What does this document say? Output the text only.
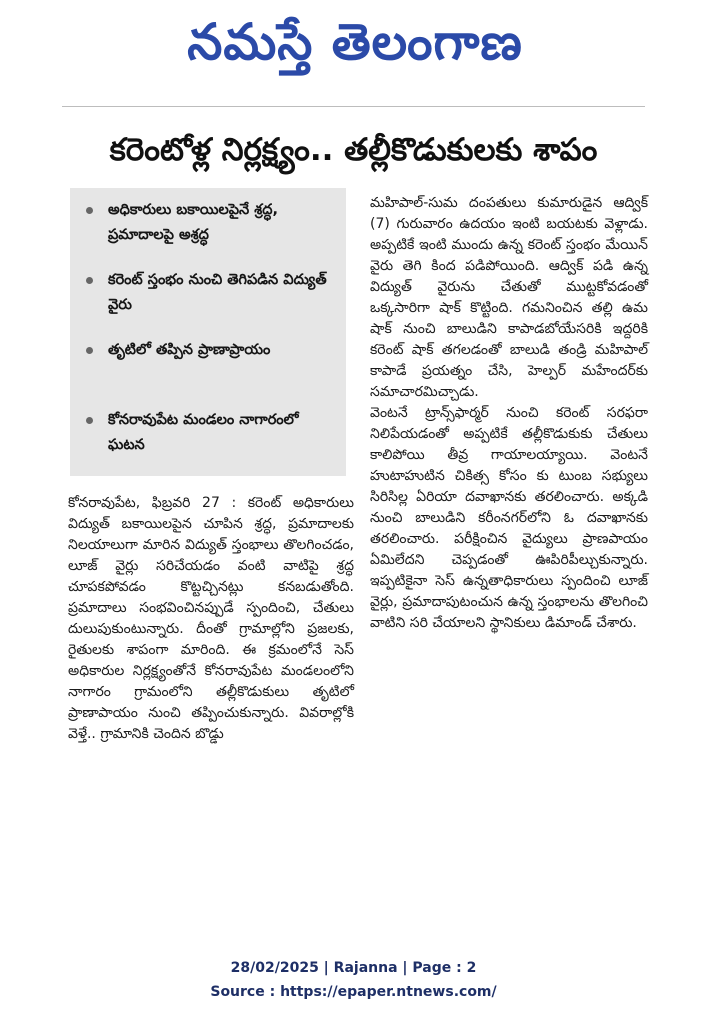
నమస్తే తెలంగాణ
కరెంటోళ్ల నిర్లక్ష్యం.. తల్లీకొడుకులకు శాపం
అధికారులు బకాయిలపైనే శ్రద్ధ, ప్రమాదాలపై అశ్రద్ధ
కరెంట్ స్తంభం నుంచి తెగిపడిన విద్యుత్ వైరు
తృటిలో తప్పిన ప్రాణాప్రాయం
కోనరావుపేట మండలం నాగారంలో ఘటన

కోనరావుపేట, ఫిబ్రవరి 27 : కరెంట్ అధికారులు విద్యుత్ బకాయిలపైన చూపిన శ్రద్ధ, ప్రమాదాలకు నిలయాలుగా మారిన విద్యుత్ స్తంభాలు తొలగించడం, లూజ్ వైర్లు సరిచేయడం వంటి వాటిపై శ్రద్ధ చూపకపోవడం కొట్టచ్చినట్లు కనబడుతోంది. ప్రమాదాలు సంభవించినప్పుడే స్పందించి, చేతులు దులుపుకుంటున్నారు. దీంతో గ్రామాల్లోని ప్రజలకు, రైతులకు శాపంగా మారింది. ఈ క్రమంలోనే సెస్ అధికారుల నిర్లక్ష్యంతోనే కోనరావుపేట మండలంలోని నాగారం గ్రామంలోని తల్లీకొడుకులు తృటిలో ప్రాణాపాయం నుంచి తప్పించుకున్నారు. వివరాల్లోకి వెళ్తే.. గ్రామానికి చెందిన బొడ్డు

మహిపాల్-సుమ దంపతులు కుమారుడైన ఆద్విక్ (7) గురువారం ఉదయం ఇంటి బయటకు వెళ్లాడు. అప్పటికే ఇంటి ముందు ఉన్న కరెంట్ స్తంభం మేయిన్ వైరు తెగి కింద పడిపోయింది. ఆద్విక్ పడి ఉన్న విద్యుత్ వైరును చేతుతో ముట్టకోవడంతో ఒక్కసారిగా షాక్ కొట్టింది. గమనించిన తల్లి ఉమ షాక్ నుంచి బాలుడిని కాపాడబోయేసరికి ఇద్దరికి కరెంట్ షాక్ తగలడంతో బాలుడి తండ్రి మహిపాల్ కాపాడే ప్రయత్నం చేసి, హెల్పర్ మహేందర్‌కు సమాచారమిచ్చాడు.

వెంటనే ట్రాన్స్‌ఫార్మర్ నుంచి కరెంట్ సరఫరా నిలిపేయడంతో అప్పటికే తల్లీకొడుకుకు చేతులు కాలిపోయి తీవ్ర గాయాలయ్యాయి. వెంటనే హుటాహుటిన చికిత్స కోసం కు టుంబ సభ్యులు సిరిసిల్ల ఏరియా దవాఖానకు తరలించారు. అక్కడి నుంచి బాలుడిని కరీంనగర్‌లోని ఓ దవాఖానకు తరలించారు. పరీక్షించిన వైద్యులు ప్రాణపాయం ఏమిలేదని చెప్పడంతో ఊపిరిపీల్చుకున్నారు. ఇప్పటికైనా సెస్ ఉన్నతాధికారులు స్పందించి లూజ్ వైర్లు, ప్రమాదాపుటంచున ఉన్న స్తంభాలను తొలగించి వాటిని సరి చేయాలని స్థానికులు డిమాండ్ చేశారు.

28/02/2025 | Rajanna | Page : 2
Source : https://epaper.ntnews.com/
